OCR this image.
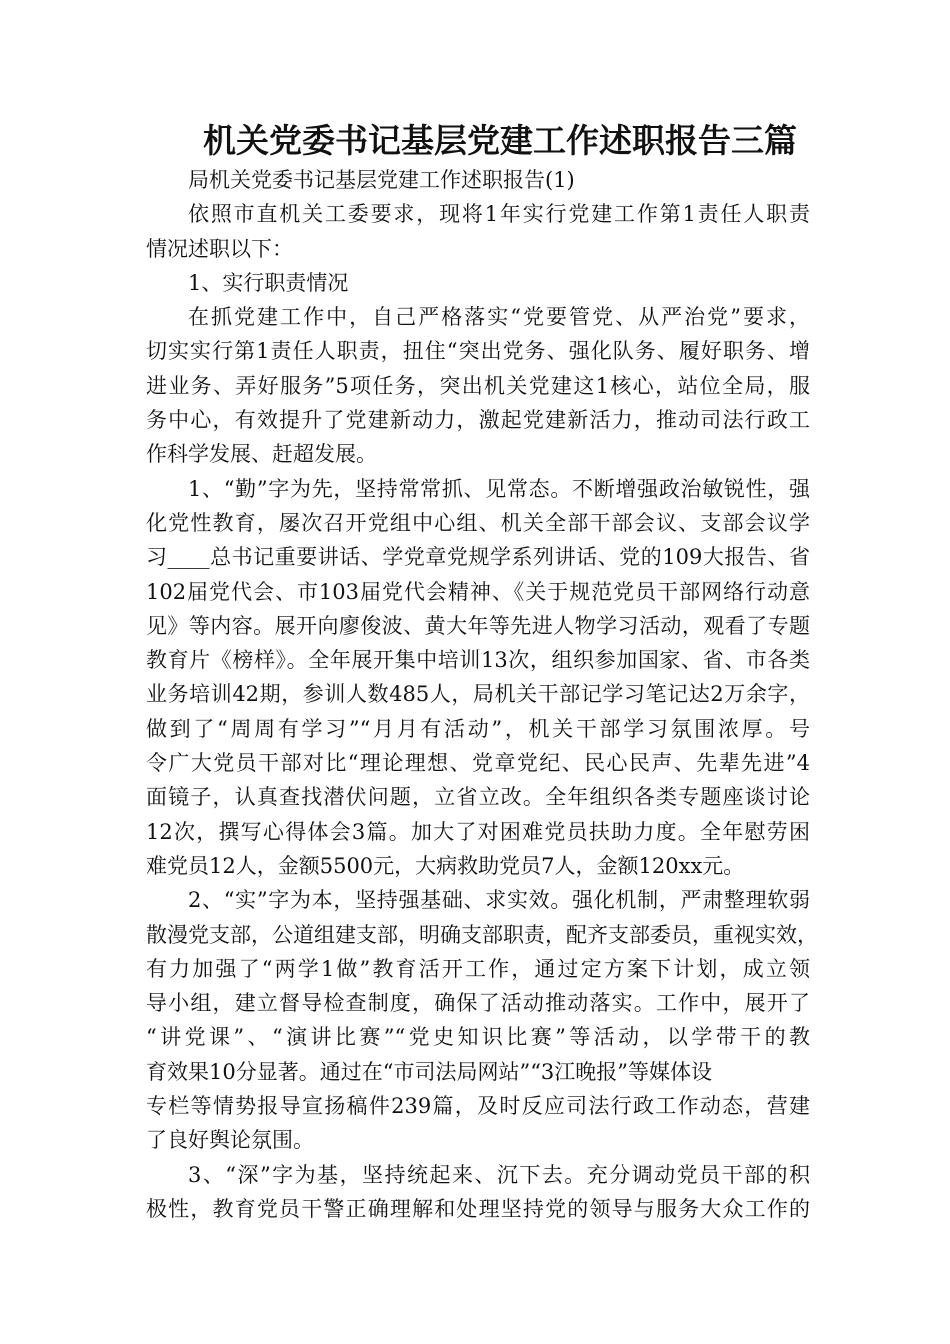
机关党委书记基层党建工作述职报告三篇
局机关党委书记基层党建工作述职报告(1)
依照市直机关工委要求，现将1年实行党建工作第1责任人职责
情况述职以下：
1、实行职责情况
在抓党建工作中，自己严格落实“党要管党、从严治党”要求，
切实实行第1责任人职责，扭住“突出党务、强化队务、履好职务、增
进业务、弄好服务”5项任务，突出机关党建这1核心，站位全局，服
务中心，有效提升了党建新动力，激起党建新活力，推动司法行政工
作科学发展、赶超发展。
1、“勤”字为先，坚持常常抓、见常态。不断增强政治敏锐性，强
化党性教育，屡次召开党组中心组、机关全部干部会议、支部会议学
习____总书记重要讲话、学党章党规学系列讲话、党的109大报告、省
102届党代会、市103届党代会精神、《关于规范党员干部网络行动意
见》等内容。展开向廖俊波、黄大年等先进人物学习活动，观看了专题
教育片《榜样》。全年展开集中培训13次，组织参加国家、省、市各类
业务培训42期，参训人数485人，局机关干部记学习笔记达2万余字，
做到了“周周有学习”“月月有活动”，机关干部学习氛围浓厚。号
令广大党员干部对比“理论理想、党章党纪、民心民声、先辈先进”4
面镜子，认真查找潜伏问题，立省立改。全年组织各类专题座谈讨论
12次，撰写心得体会3篇。加大了对困难党员扶助力度。全年慰劳困
难党员12人，金额5500元，大病救助党员7人，金额120xx元。
2、“实”字为本，坚持强基础、求实效。强化机制，严肃整理软弱
散漫党支部，公道组建支部，明确支部职责，配齐支部委员，重视实效，
有力加强了“两学1做”教育活开工作，通过定方案下计划，成立领
导小组，建立督导检查制度，确保了活动推动落实。工作中，展开了
“讲党课”、“演讲比赛”“党史知识比赛”等活动，以学带干的教
育效果10分显著。通过在“市司法局网站”“3江晚报”等媒体设
专栏等情势报导宣扬稿件239篇，及时反应司法行政工作动态，营建
了良好舆论氛围。
3、“深”字为基，坚持统起来、沉下去。充分调动党员干部的积
极性，教育党员干警正确理解和处理坚持党的领导与服务大众工作的
